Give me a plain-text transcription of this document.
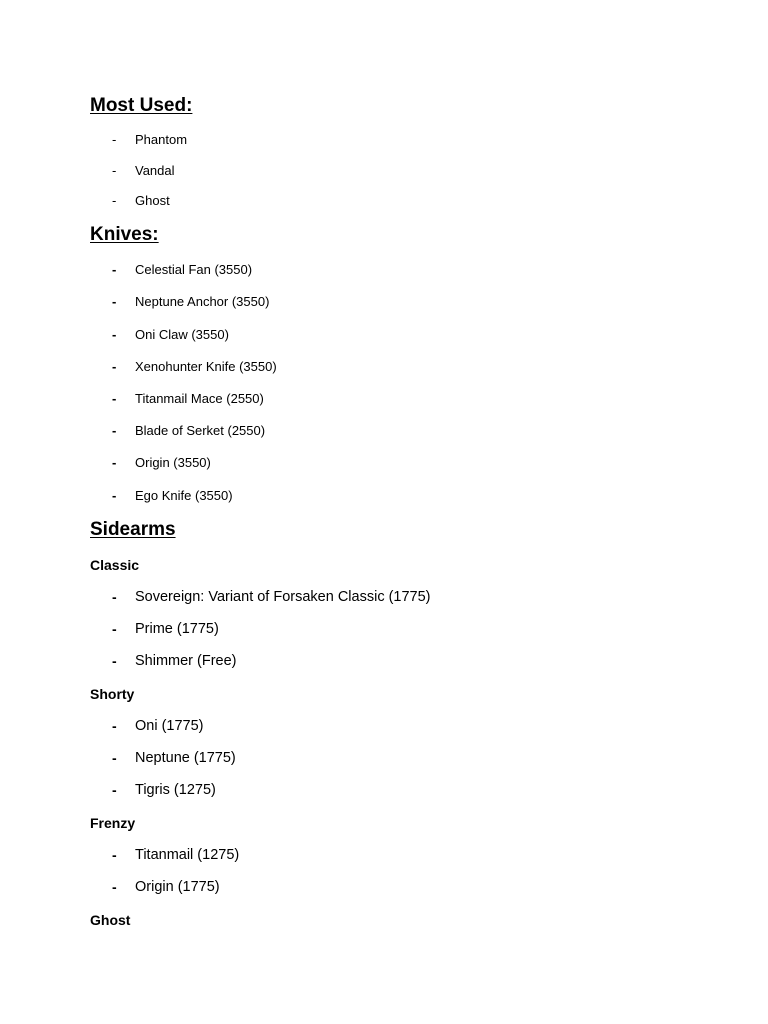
Most Used:
-	Phantom
-	Vandal
-	Ghost
Knives:
-	Celestial Fan (3550)
-	Neptune Anchor (3550)
-	Oni Claw (3550)
-	Xenohunter Knife (3550)
-	Titanmail Mace (2550)
-	Blade of Serket (2550)
-	Origin (3550)
-	Ego Knife (3550)
Sidearms
Classic
-	Sovereign: Variant of Forsaken Classic (1775)
-	Prime (1775)
-	Shimmer (Free)
Shorty
-	Oni (1775)
-	Neptune (1775)
-	Tigris (1275)
Frenzy
-	Titanmail (1275)
-	Origin (1775)
Ghost
